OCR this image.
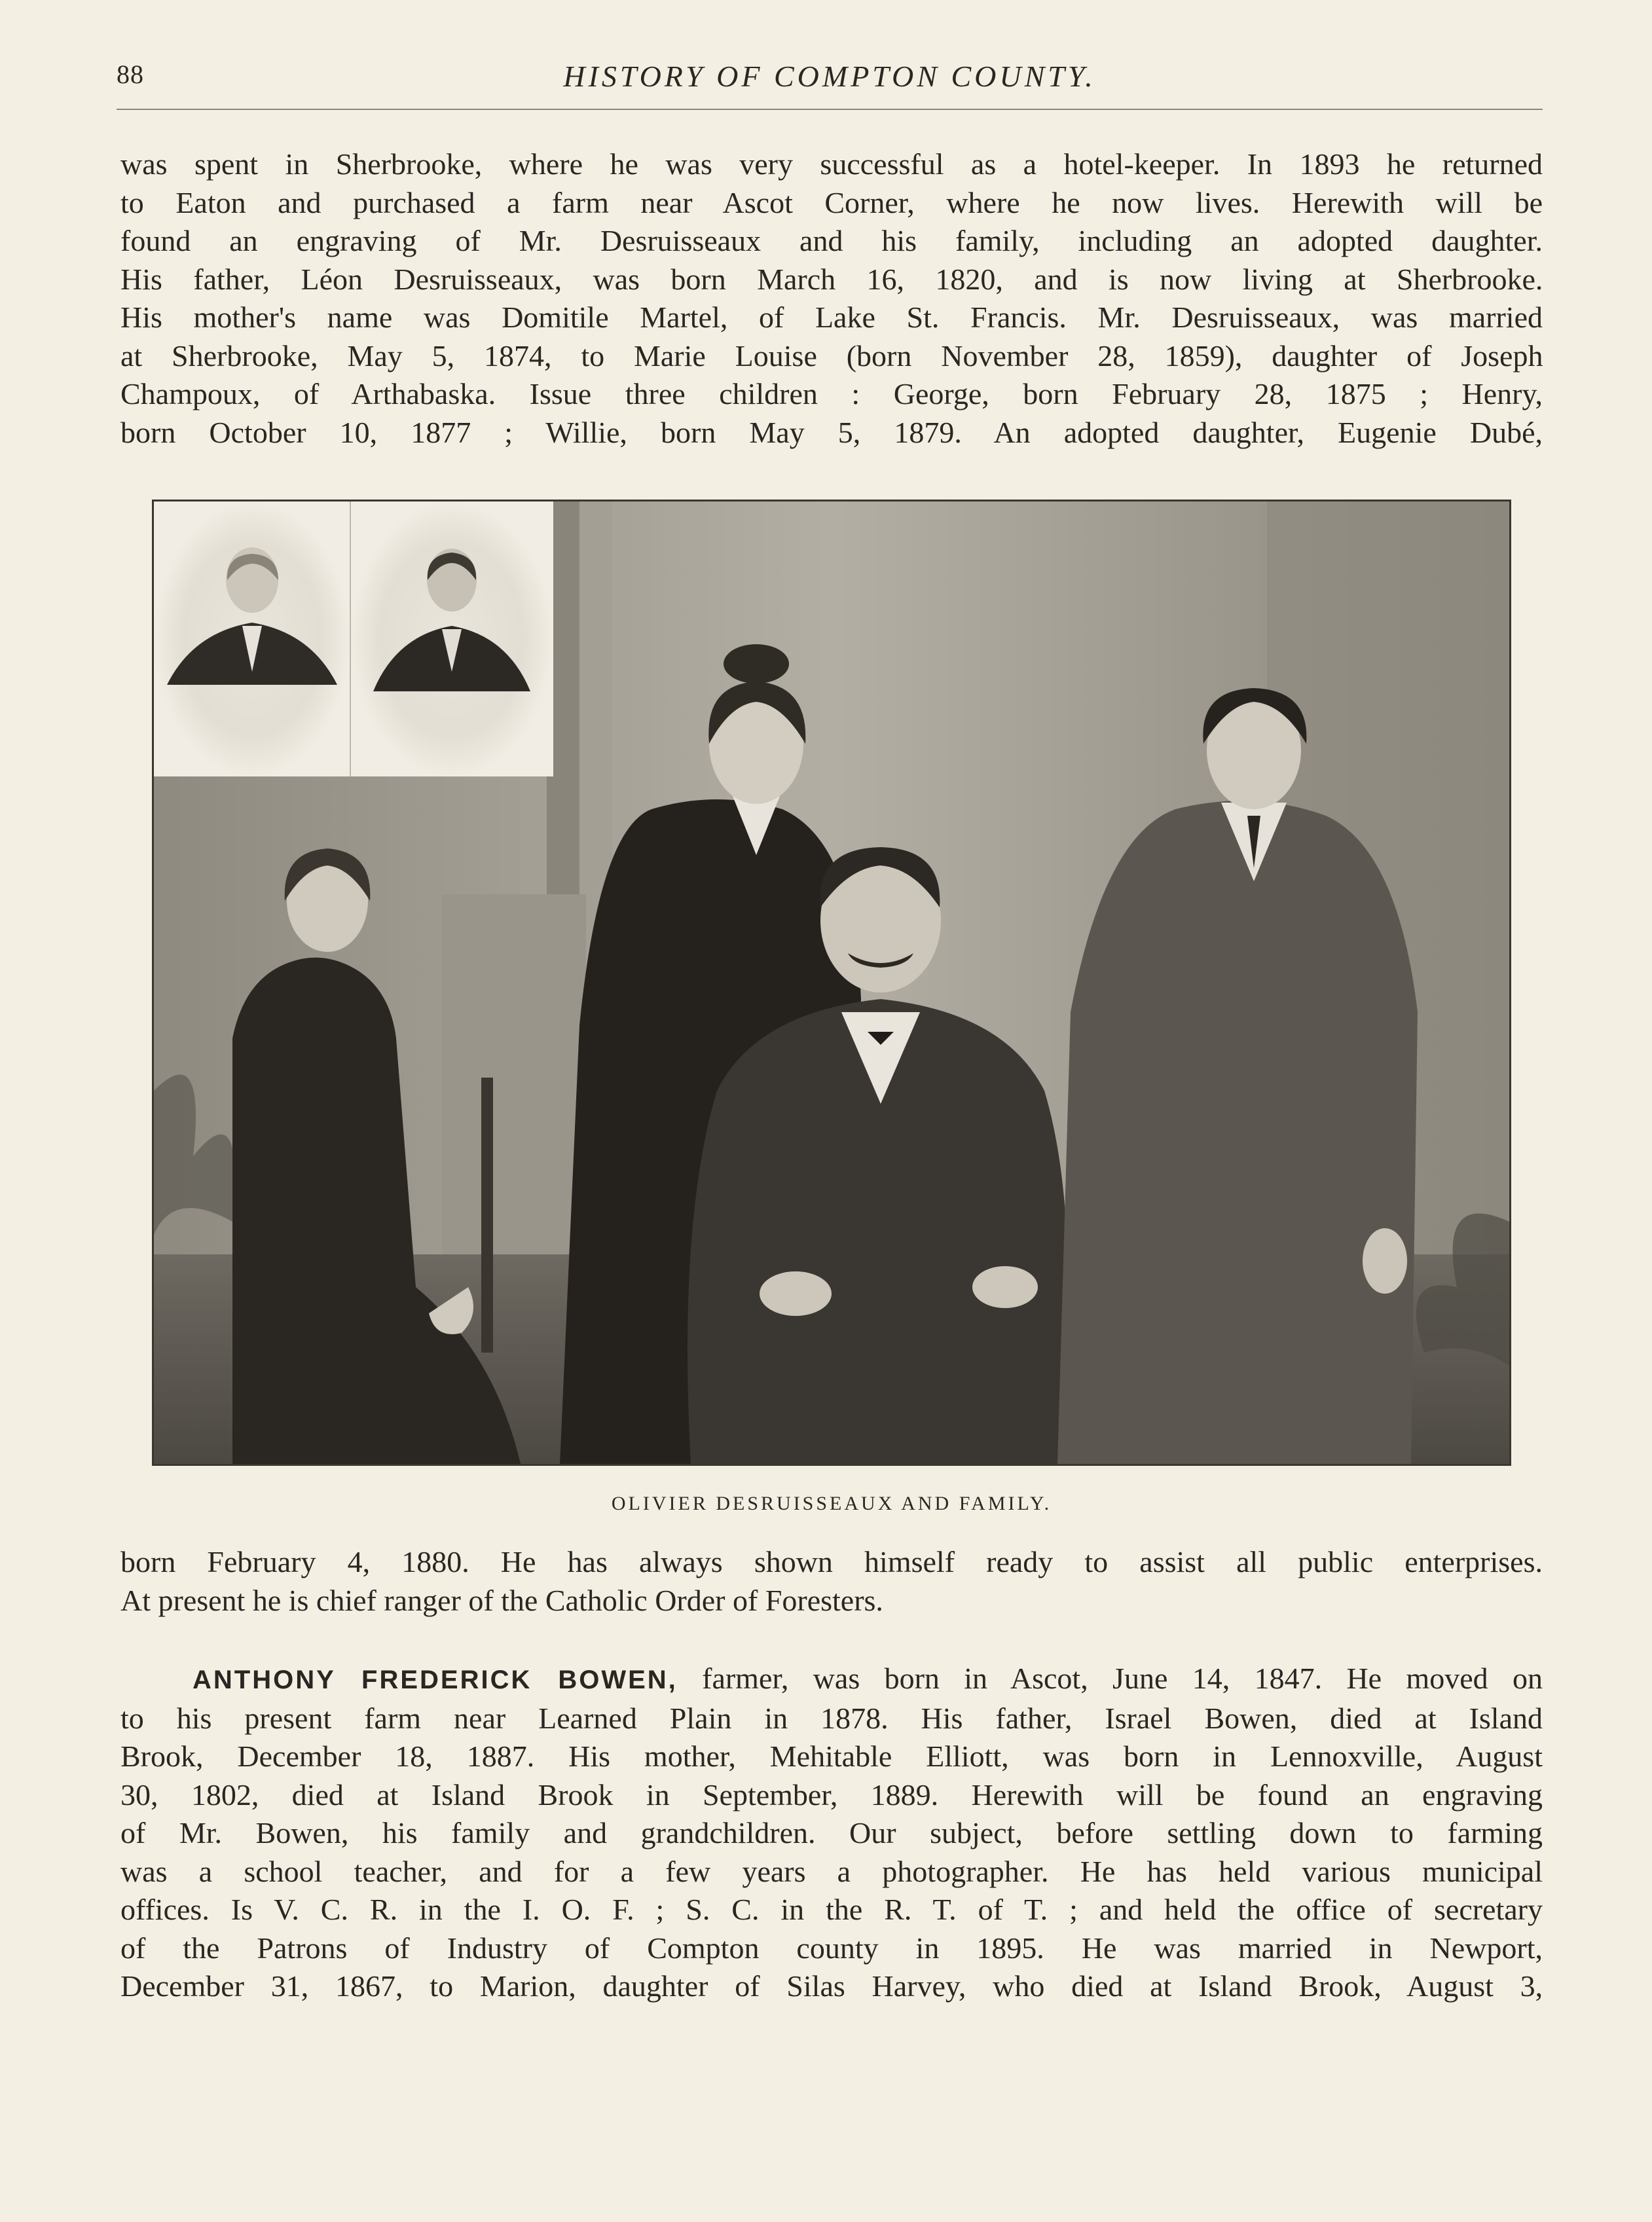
88	HISTORY OF COMPTON COUNTY.
was spent in Sherbrooke, where he was very successful as a hotel-keeper. In 1893 he returned
to Eaton and purchased a farm near Ascot Corner, where he now lives. Herewith will be
found an engraving of Mr. Desruisseaux and his family, including an adopted daughter.
His father, Léon Desruisseaux, was born March 16, 1820, and is now living at Sherbrooke.
His mother's name was Domitile Martel, of Lake St. Francis. Mr. Desruisseaux, was married
at Sherbrooke, May 5, 1874, to Marie Louise (born November 28, 1859), daughter of Joseph
Champoux, of Arthabaska. Issue three children : George, born February 28, 1875 ; Henry,
born October 10, 1877 ; Willie, born May 5, 1879. An adopted daughter, Eugenie Dubé,
OLIVIER DESRUISSEAUX AND FAMILY.
born February 4, 1880. He has always shown himself ready to assist all public enterprises.
At present he is chief ranger of the Catholic Order of Foresters.
ANTHONY FREDERICK BOWEN, farmer, was born in Ascot, June 14, 1847. He moved on
to his present farm near Learned Plain in 1878. His father, Israel Bowen, died at Island
Brook, December 18, 1887. His mother, Mehitable Elliott, was born in Lennoxville, August
30, 1802, died at Island Brook in September, 1889. Herewith will be found an engraving
of Mr. Bowen, his family and grandchildren. Our subject, before settling down to farming
was a school teacher, and for a few years a photographer. He has held various municipal
offices. Is V. C. R. in the I. O. F. ; S. C. in the R. T. of T. ; and held the office of secretary
of the Patrons of Industry of Compton county in 1895. He was married in Newport,
December 31, 1867, to Marion, daughter of Silas Harvey, who died at Island Brook, August 3,
